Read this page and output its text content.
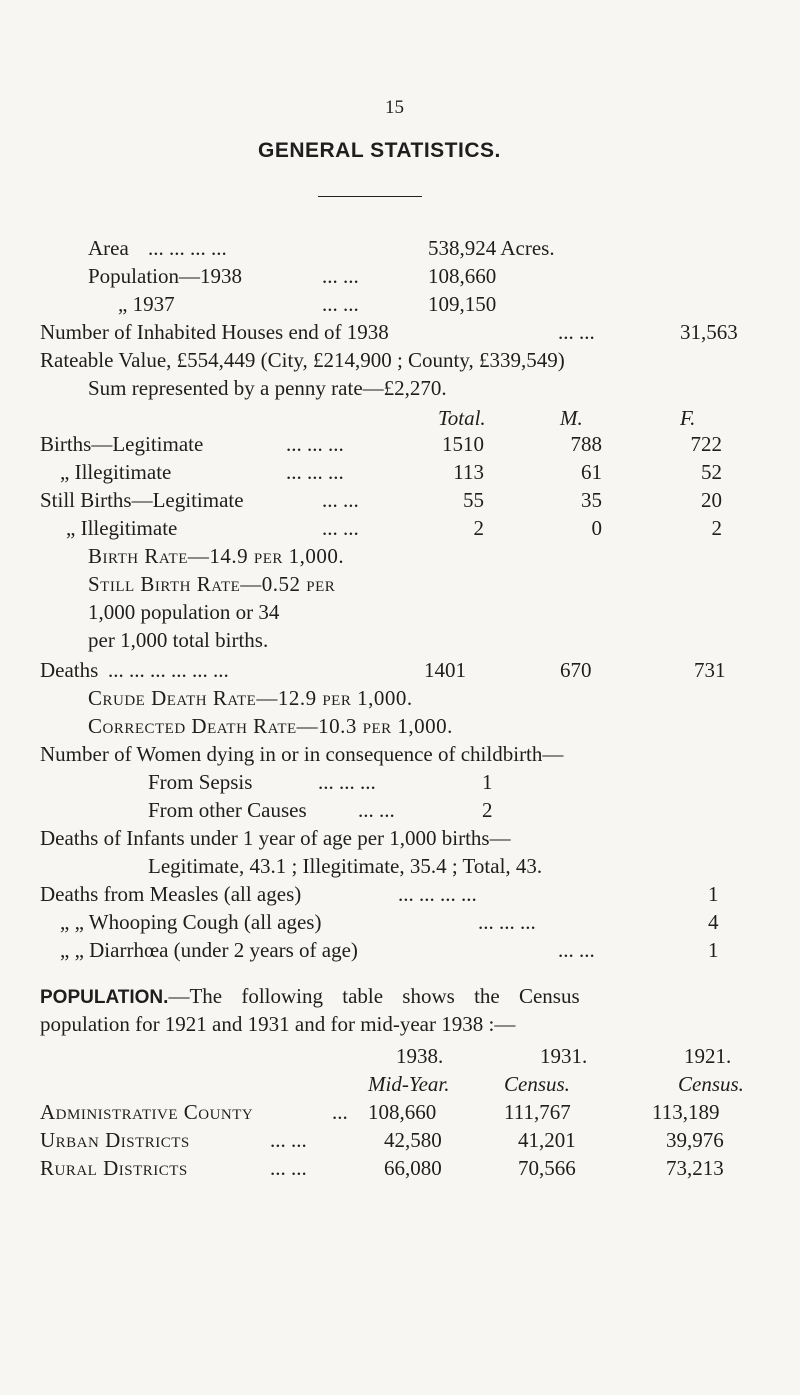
15
GENERAL STATISTICS.
Area ... ... ... ...	538,924 Acres.
Population—1938	... ...	108,660
„ 1937	... ...	109,150
Number of Inhabited Houses end of 1938	... ...	31,563
Rateable Value, £554,449 (City, £214,900 ; County, £339,549)
Sum represented by a penny rate—£2,270.
Total.	M.	F.
Births—Legitimate	... ... ...	1510	788	722
„ Illegitimate	... ... ...	113	61	52
Still Births—Legitimate	... ...	55	35	20
„ Illegitimate	... ...	2	0	2
Birth Rate—14.9 per 1,000.
Still Birth Rate—0.52 per
1,000 population or 34
per 1,000 total births.
Deaths ... ... ... ... ... ...	1401	670	731
Crude Death Rate—12.9 per 1,000.
Corrected Death Rate—10.3 per 1,000.
Number of Women dying in or in consequence of childbirth—
From Sepsis	... ... ...	1
From other Causes ... ...	2
Deaths of Infants under 1 year of age per 1,000 births—
Legitimate, 43.1 ; Illegitimate, 35.4 ; Total, 43.
Deaths from Measles (all ages)	... ... ... ...	1
„ „ Whooping Cough (all ages)	... ... ...	4
„ „ Diarrhœa (under 2 years of age)	... ...	1
POPULATION.—The following table shows the Census
population for 1921 and 1931 and for mid-year 1938 :—
1938.	1931.	1921.
Mid-Year.	Census.	Census.
Administrative County	... 108,660	111,767	113,189
Urban Districts	... ...	42,580	41,201	39,976
Rural Districts	... ...	66,080	70,566	73,213
